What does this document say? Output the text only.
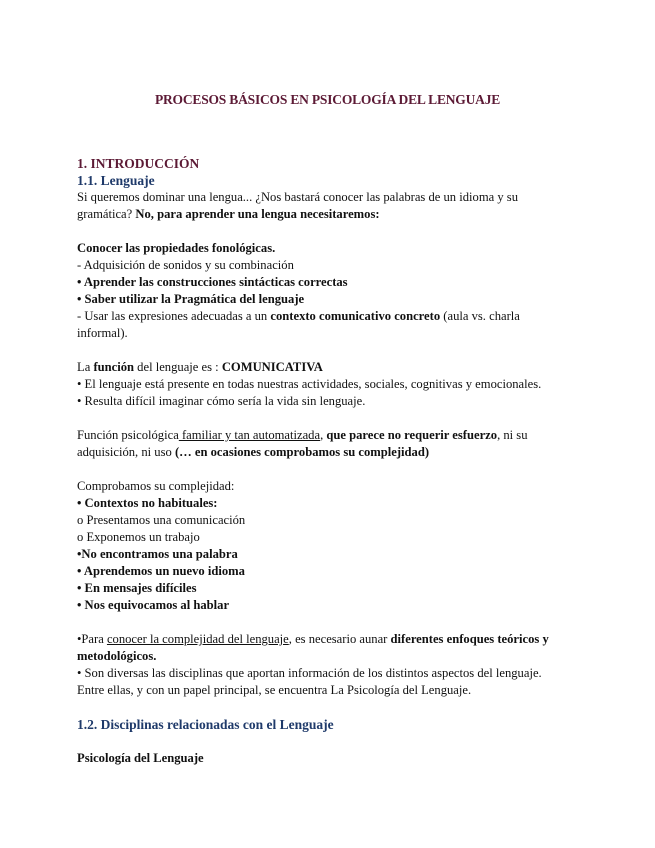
PROCESOS BÁSICOS EN PSICOLOGÍA DEL LENGUAJE

1. INTRODUCCIÓN

1.1. Lenguaje

Si queremos dominar una lengua... ¿Nos bastará conocer las palabras de un idioma y su
gramática? No, para aprender una lengua necesitaremos:

Conocer las propiedades fonológicas.

- Adquisición de sonidos y su combinación

• Aprender las construcciones sintácticas correctas

• Saber utilizar la Pragmática del lenguaje

- Usar las expresiones adecuadas a un contexto comunicativo concreto (aula vs. charla
informal).

La función del lenguaje es : COMUNICATIVA

• El lenguaje está presente en todas nuestras actividades, sociales, cognitivas y emocionales.

• Resulta difícil imaginar cómo sería la vida sin lenguaje.

Función psicológica familiar y tan automatizada, que parece no requerir esfuerzo, ni su
adquisición, ni uso (… en ocasiones comprobamos su complejidad)

Comprobamos su complejidad:

• Contextos no habituales:

o Presentamos una comunicación

o Exponemos un trabajo

•No encontramos una palabra

• Aprendemos un nuevo idioma

• En mensajes difíciles

• Nos equivocamos al hablar

•Para conocer la complejidad del lenguaje, es necesario aunar diferentes enfoques teóricos y
metodológicos.

• Son diversas las disciplinas que aportan información de los distintos aspectos del lenguaje.

Entre ellas, y con un papel principal, se encuentra La Psicología del Lenguaje.

1.2. Disciplinas relacionadas con el Lenguaje

Psicología del Lenguaje
